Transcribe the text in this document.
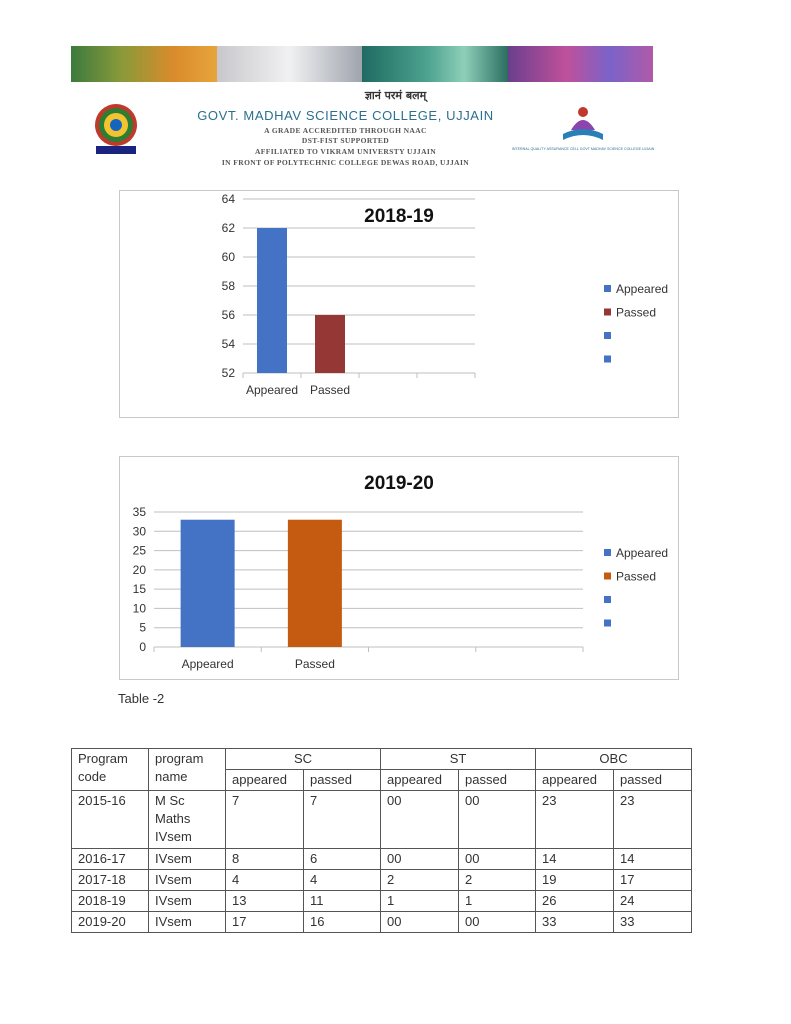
ज्ञानं परमं बलम्
GOVT. MADHAV SCIENCE COLLEGE, UJJAIN
A GRADE ACCREDITED THROUGH NAAC
DST-FIST SUPPORTED
AFFILIATED TO VIKRAM UNIVERSTY UJJAIN
IN FRONT OF POLYTECHNIC COLLEGE DEWAS ROAD, UJJAIN
INTERNAL QUALITY ASSURANCE CELL GOVT MADHAV SCIENCE COLLEGE UJJAIN
52
54
56
58
60
62
64
Appeared Passed
2018-19
Appeared
Passed
0
5
10
15
20
25
30
35
Appeared	Passed
2019-20
Appeared
Passed
Table -2
Program code	program name	SC		ST		OBC	
		appeared	passed	appeared	passed	appeared	passed
2015-16	M Sc Maths IVsem	7	7	00	00	23	23
2016-17	IVsem	8	6	00	00	14	14
2017-18	IVsem	4	4	2	2	19	17
2018-19	IVsem	13	11	1	1	26	24
2019-20	IVsem	17	16	00	00	33	33
